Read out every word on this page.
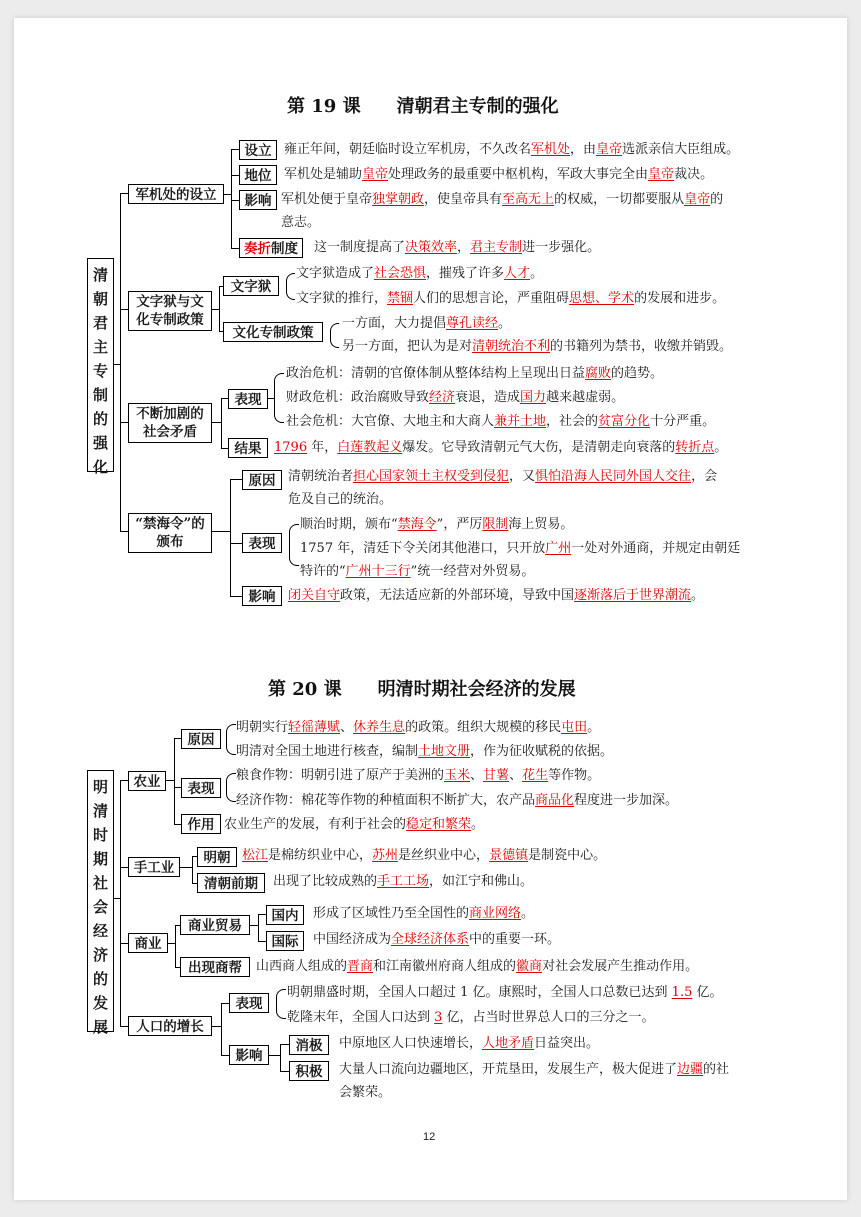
第 19 课　　清朝君主专制的强化
清朝君主专制的强化
军机处的设立
文字狱与文化专制政策
不断加剧的社会矛盾
“禁海令”的颁布
设立
地位
影响
奏折制度
雍正年间，朝廷临时设立军机房，不久改名军机处，由皇帝选派亲信大臣组成。
军机处是辅助皇帝处理政务的最重要中枢机构，军政大事完全由皇帝裁决。
军机处便于皇帝独掌朝政，使皇帝具有至高无上的权威，一切都要服从皇帝的
意志。
这一制度提高了决策效率，君主专制进一步强化。
文字狱
文化专制政策
文字狱造成了社会恐惧，摧残了许多人才。
文字狱的推行，禁锢人们的思想言论，严重阻碍思想、学术的发展和进步。
一方面，大力提倡尊孔读经。
另一方面，把认为是对清朝统治不利的书籍列为禁书，收缴并销毁。
表现
结果
政治危机：清朝的官僚体制从整体结构上呈现出日益腐败的趋势。
财政危机：政治腐败导致经济衰退，造成国力越来越虚弱。
社会危机：大官僚、大地主和大商人兼并土地，社会的贫富分化十分严重。
1796 年，白莲教起义爆发。它导致清朝元气大伤，是清朝走向衰落的转折点。
原因
表现
影响
清朝统治者担心国家领土主权受到侵犯，又惧怕沿海人民同外国人交往，会
危及自己的统治。
顺治时期，颁布“禁海令”，严厉限制海上贸易。
1757 年，清廷下令关闭其他港口，只开放广州一处对外通商，并规定由朝廷
特许的“广州十三行”统一经营对外贸易。
闭关自守政策，无法适应新的外部环境，导致中国逐渐落后于世界潮流。
第 20 课　　明清时期社会经济的发展
明清时期社会经济的发展
农业
手工业
商业
人口的增长
原因
表现
作用
明朝实行轻徭薄赋、休养生息的政策。组织大规模的移民屯田。
明清对全国土地进行核查，编制土地文册，作为征收赋税的依据。
粮食作物：明朝引进了原产于美洲的玉米、甘薯、花生等作物。
经济作物：棉花等作物的种植面积不断扩大，农产品商品化程度进一步加深。
农业生产的发展，有利于社会的稳定和繁荣。
明朝
清朝前期
松江是棉纺织业中心，苏州是丝织业中心，景德镇是制瓷中心。
出现了比较成熟的手工工场，如江宁和佛山。
商业贸易
出现商帮
国内
国际
形成了区域性乃至全国性的商业网络。
中国经济成为全球经济体系中的重要一环。
山西商人组成的晋商和江南徽州府商人组成的徽商对社会发展产生推动作用。
表现
影响
消极
积极
明朝鼎盛时期，全国人口超过 1 亿。康熙时，全国人口总数已达到 1.5 亿。
乾隆末年，全国人口达到 3 亿，占当时世界总人口的三分之一。
中原地区人口快速增长，人地矛盾日益突出。
大量人口流向边疆地区，开荒垦田，发展生产，极大促进了边疆的社
会繁荣。
12
